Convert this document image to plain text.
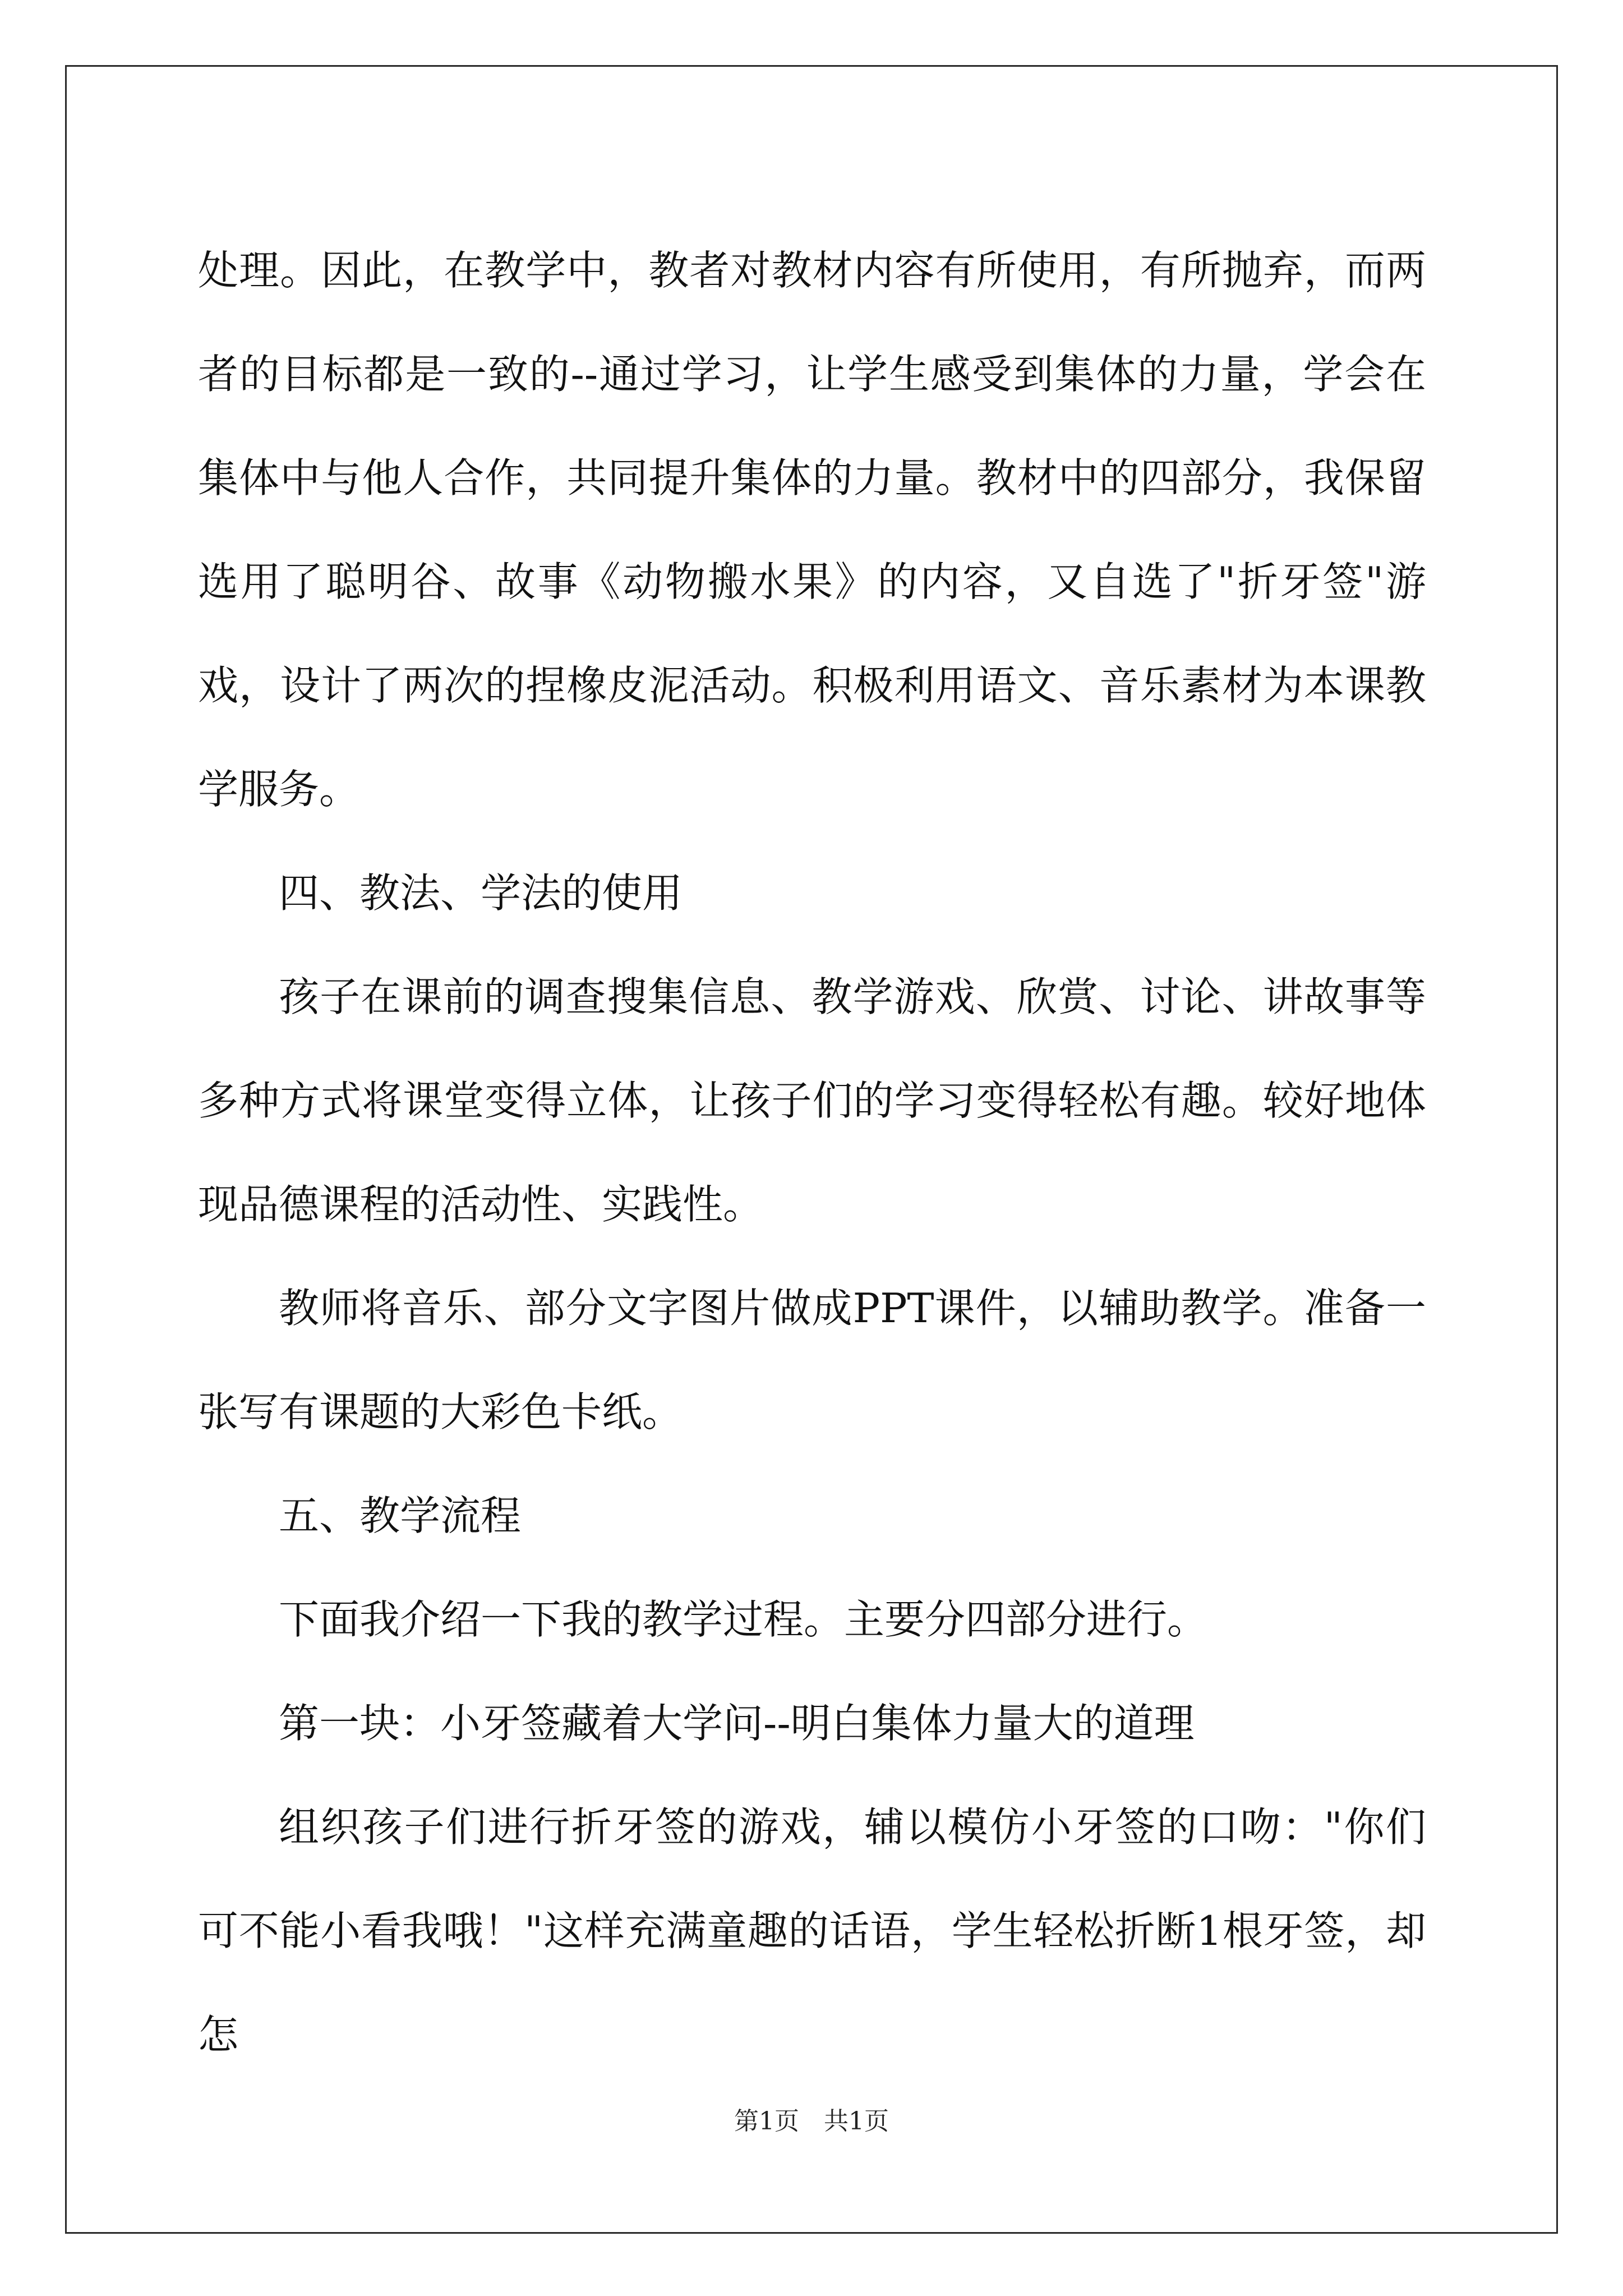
处理。因此，在教学中，教者对教材内容有所使用，有所抛弃，而两者的目标都是一致的--通过学习，让学生感受到集体的力量，学会在集体中与他人合作，共同提升集体的力量。教材中的四部分，我保留选用了聪明谷、故事《动物搬水果》的内容，又自选了"折牙签"游戏，设计了两次的捏橡皮泥活动。积极利用语文、音乐素材为本课教学服务。

四、教法、学法的使用

孩子在课前的调查搜集信息、教学游戏、欣赏、讨论、讲故事等多种方式将课堂变得立体，让孩子们的学习变得轻松有趣。较好地体现品德课程的活动性、实践性。

教师将音乐、部分文字图片做成PPT课件，以辅助教学。准备一张写有课题的大彩色卡纸。

五、教学流程

下面我介绍一下我的教学过程。主要分四部分进行。

第一块：小牙签藏着大学问--明白集体力量大的道理

组织孩子们进行折牙签的游戏，辅以模仿小牙签的口吻："你们可不能小看我哦！"这样充满童趣的话语，学生轻松折断1根牙签，却怎

第1页 共1页
